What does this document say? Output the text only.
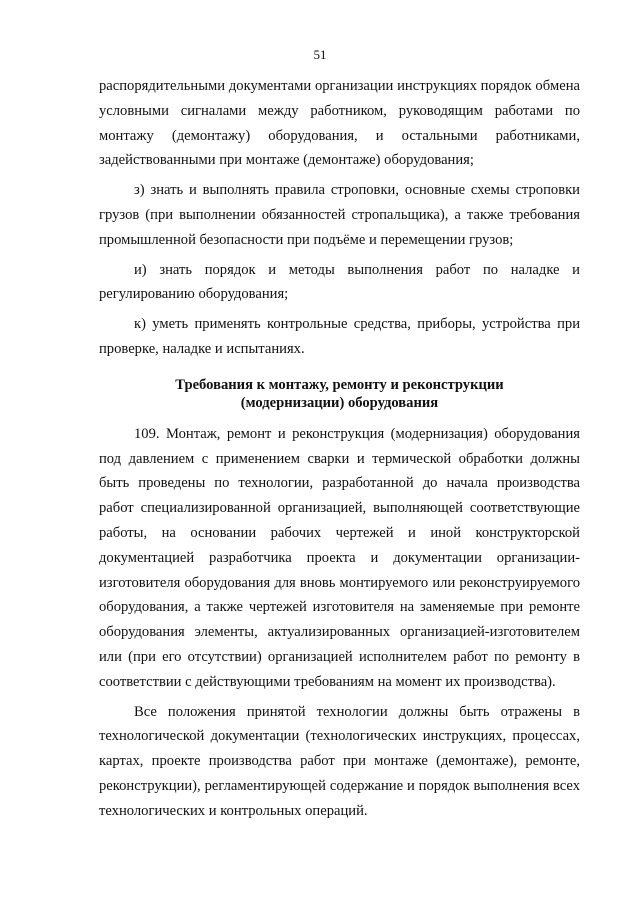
51

распорядительными документами организации инструкциях порядок обмена условными сигналами между работником, руководящим работами по монтажу (демонтажу) оборудования, и остальными работниками, задействованными при монтаже (демонтаже) оборудования;

з) знать и выполнять правила строповки, основные схемы строповки грузов (при выполнении обязанностей стропальщика), а также требования промышленной безопасности при подъёме и перемещении грузов;

и) знать порядок и методы выполнения работ по наладке и регулированию оборудования;

к) уметь применять контрольные средства, приборы, устройства при проверке, наладке и испытаниях.

Требования к монтажу, ремонту и реконструкции
(модернизации) оборудования

109. Монтаж, ремонт и реконструкция (модернизация) оборудования под давлением с применением сварки и термической обработки должны быть проведены по технологии, разработанной до начала производства работ специализированной организацией, выполняющей соответствующие работы, на основании рабочих чертежей и иной конструкторской документацией разработчика проекта и документации организации-изготовителя оборудования для вновь монтируемого или реконструируемого оборудования, а также чертежей изготовителя на заменяемые при ремонте оборудования элементы, актуализированных организацией-изготовителем или (при его отсутствии) организацией исполнителем работ по ремонту в соответствии с действующими требованиям на момент их производства).

Все положения принятой технологии должны быть отражены в технологической документации (технологических инструкциях, процессах, картах, проекте производства работ при монтаже (демонтаже), ремонте, реконструкции), регламентирующей содержание и порядок выполнения всех технологических и контрольных операций.
